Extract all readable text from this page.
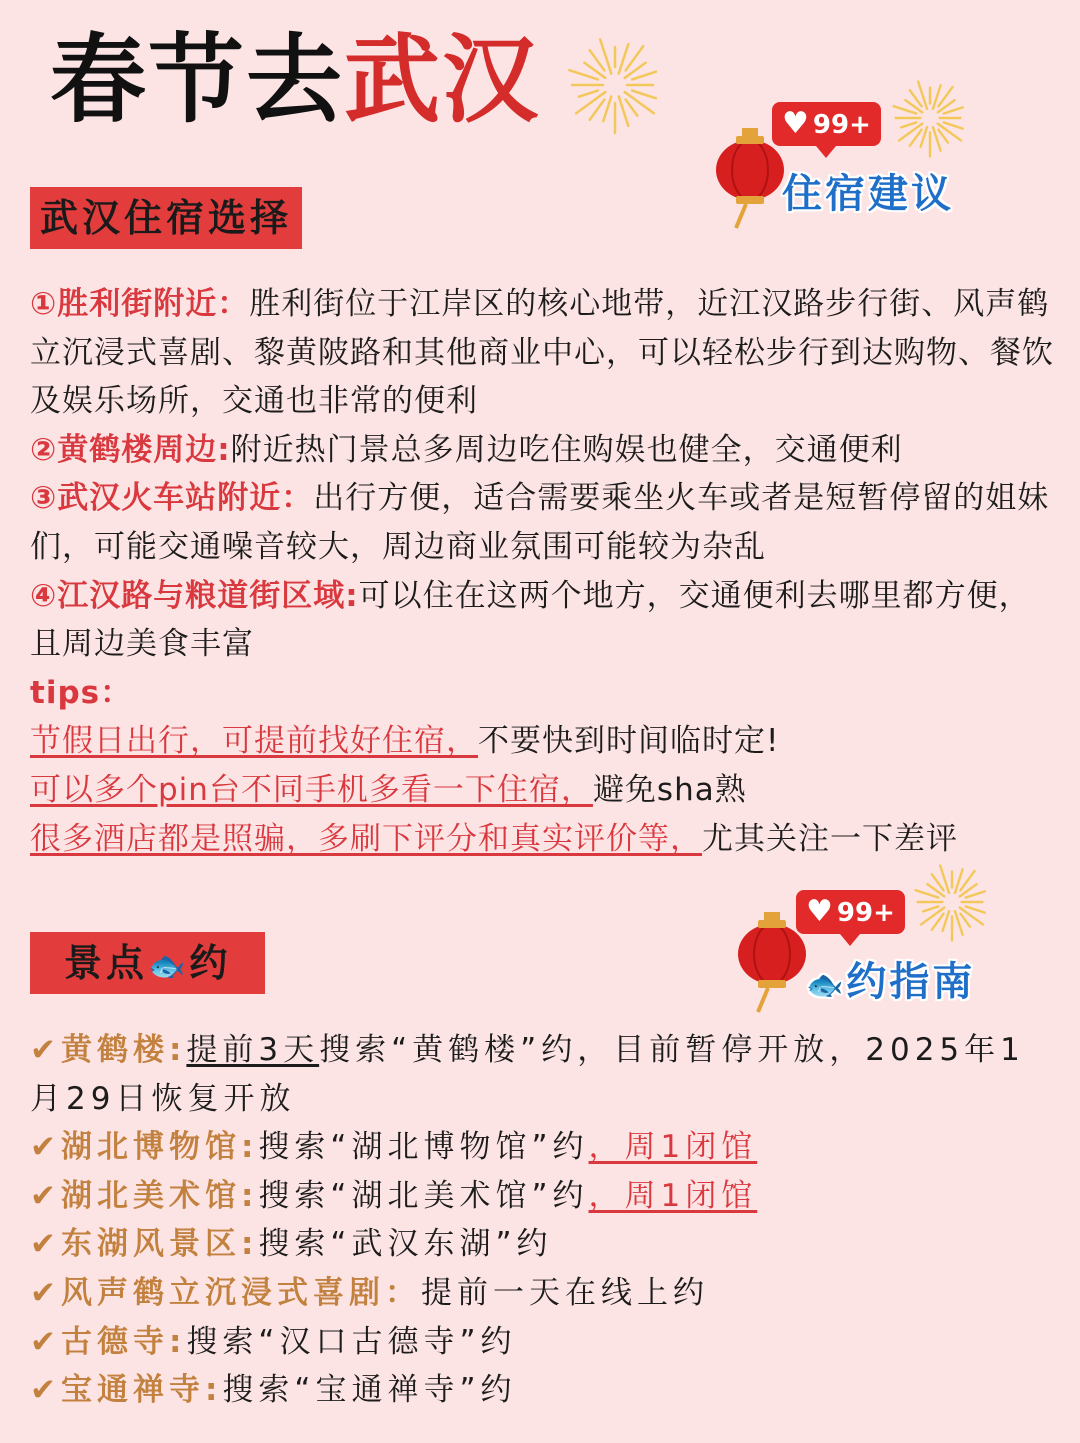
春节去武汉	♥ 99+
住宿建议
武汉住宿选择

①胜利街附近：胜利街位于江岸区的核心地带，近江汉路步行街、风声鹤立沉浸式喜剧、黎黄陂路和其他商业中心，可以轻松步行到达购物、餐饮及娱乐场所，交通也非常的便利

②黄鹤楼周边:附近热门景总多周边吃住购娱也健全，交通便利

③武汉火车站附近：出行方便，适合需要乘坐火车或者是短暂停留的姐妹们，可能交通噪音较大，周边商业氛围可能较为杂乱

④江汉路与粮道街区域:可以住在这两个地方，交通便利去哪里都方便，且周边美食丰富

tips：

节假日出行，可提前找好住宿，不要快到时间临时定!

可以多个pin台不同手机多看一下住宿，避免sha熟

很多酒店都是照骗，多刷下评分和真实评价等，尤其关注一下差评

♥ 99+
🐟约指南
景点🐟约

✔黄鹤楼:提前3天搜索“黄鹤楼”约，目前暂停开放，2025年1月29日恢复开放

✔湖北博物馆:搜索“湖北博物馆”约，周1闭馆

✔湖北美术馆:搜索“湖北美术馆”约，周1闭馆

✔东湖风景区:搜索“武汉东湖”约

✔风声鹤立沉浸式喜剧：提前一天在线上约

✔古德寺:搜索“汉口古德寺”约

✔宝通禅寺:搜索“宝通禅寺”约
